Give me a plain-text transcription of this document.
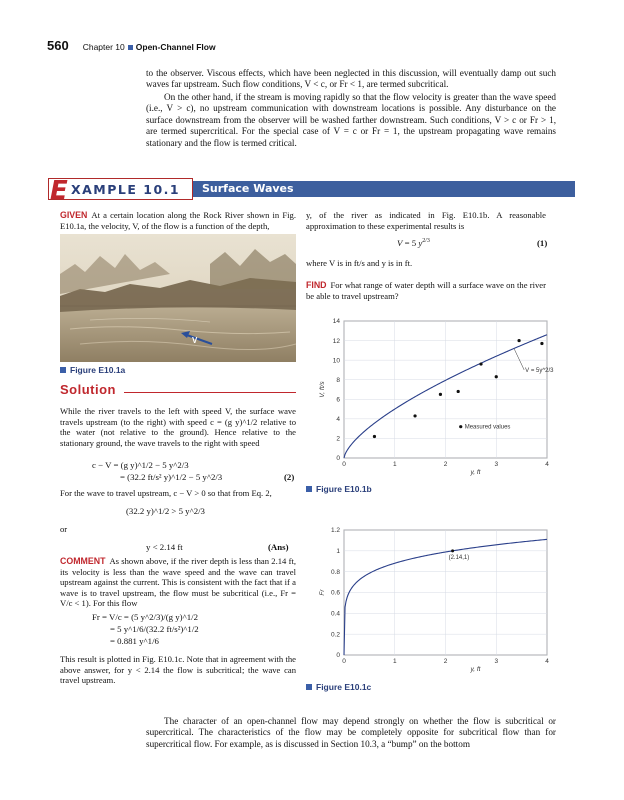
560 Chapter 10 Open-Channel Flow
to the observer. Viscous effects, which have been neglected in this discussion, will eventually damp out such waves far upstream. Such flow conditions, V < c, or Fr < 1, are termed subcritical.
On the other hand, if the stream is moving rapidly so that the flow velocity is greater than the wave speed (i.e., V > c), no upstream communication with downstream locations is possible. Any disturbance on the surface downstream from the observer will be washed farther downstream. Such conditions, V > c or Fr > 1, are termed supercritical. For the special case of V = c or Fr = 1, the upstream propagating wave remains stationary and the flow is termed critical.
E XAMPLE 10.1 Surface Waves
GIVEN At a certain location along the Rock River shown in Fig. E10.1a, the velocity, V, of the flow is a function of the depth,
V
Figure E10.1a
y, of the river as indicated in Fig. E10.1b. A reasonable approximation to these experimental results is
V = 5 $y^{2/3}$	(1)
where V is in ft/s and y is in ft.
FIND For what range of water depth will a surface wave on the river be able to travel upstream?
0	1	2	3	4
0
2
4
6
8
10
12
14
y, ft
V, ft/s
V = 5y^2/3
Measured values
Figure E10.1b
0	1	2	3	4
0
0.2
0.4
0.6
0.8
1
1.2
y, ft
Fr
(2.14,1)
Figure E10.1c
Solution
While the river travels to the left with speed V, the surface wave travels upstream (to the right) with speed c = (g y)^1/2 relative to the water (not relative to the ground). Hence relative to the stationary ground, the wave travels to the right with speed
c − V = (g y)^1/2 − 5 y^2/3
= (32.2 ft/s² y)^1/2 − 5 y^2/3	(2)
For the wave to travel upstream, c − V > 0 so that from Eq. 2,
(32.2 y)^1/2 > 5 y^2/3
or
y < 2.14 ft	(Ans)
COMMENT As shown above, if the river depth is less than 2.14 ft, its velocity is less than the wave speed and the wave can travel upstream against the current. This is consistent with the fact that if a wave is to travel upstream, the flow must be subcritical (i.e., Fr = V/c < 1). For this flow
Fr = V/c = (5 y^2/3)/(g y)^1/2
= 5 y^1/6/(32.2 ft/s²)^1/2
= 0.881 y^1/6
This result is plotted in Fig. E10.1c. Note that in agreement with the above answer, for y < 2.14 the flow is subcritical; the wave can travel upstream.
The character of an open-channel flow may depend strongly on whether the flow is subcritical or supercritical. The characteristics of the flow may be completely opposite for subcritical flow than for supercritical flow. For example, as is discussed in Section 10.3, a “bump” on the bottom
